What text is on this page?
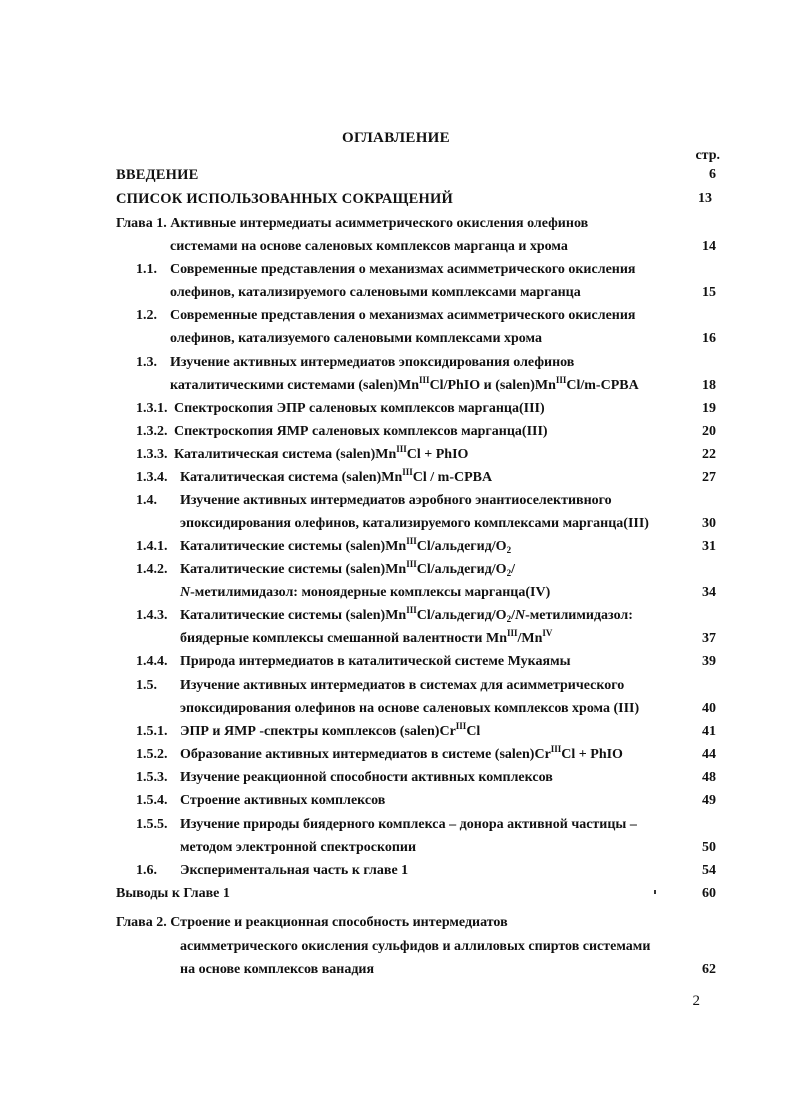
ОГЛАВЛЕНИЕ
стр.
ВВЕДЕНИЕ	6
СПИСОК ИСПОЛЬЗОВАННЫХ СОКРАЩЕНИЙ	13
Глава 1. Активные интермедиаты асимметрического окисления олефинов
системами на основе саленовых комплексов марганца и хрома	14
1.1. Современные представления о механизмах асимметрического окисления
олефинов, катализируемого саленовыми комплексами марганца	15
1.2. Современные представления о механизмах асимметрического окисления
олефинов, катализуемого саленовыми комплексами хрома	16
1.3. Изучение активных интермедиатов эпоксидирования олефинов
каталитическими системами $(salen)Mn^{III}Cl$/PhIO и $(salen)Mn^{III}Cl/m$-CPBA	18
1.3.1. Спектроскопия ЭПР саленовых комплексов марганца(III)	19
1.3.2. Спектроскопия ЯМР саленовых комплексов марганца(III)	20
1.3.3. Каталитическая система $(salen)Mn^{III}Cl$ + PhIO	22
1.3.4. Каталитическая система $(salen)Mn^{III}Cl$ / m-CPBA	27
1.4. Изучение активных интермедиатов аэробного энантиоселективного
эпоксидирования олефинов, катализируемого комплексами марганца(III)	30
1.4.1. Каталитические системы $(salen)Mn^{III}Cl/альдегид/O_2$	31
1.4.2. Каталитические системы $(salen)Mn^{III}Cl/альдегид/O_2/$
N-метилимидазол: моноядерные комплексы марганца(IV)	34
1.4.3. Каталитические системы $(salen)Mn^{III}Cl/альдегид/O_2/N$-метилимидазол:
биядерные комплексы смешанной валентности $Mn^{III}/Mn^{IV}$	37
1.4.4. Природа интермедиатов в каталитической системе Мукаямы	39
1.5. Изучение активных интермедиатов в системах для асимметрического
эпоксидирования олефинов на основе саленовых комплексов хрома (III)	40
1.5.1. ЭПР и ЯМР -спектры комплексов $(salen)Cr^{III}Cl$	41
1.5.2. Образование активных интермедиатов в системе $(salen)Cr^{III}Cl$ + PhIO	44
1.5.3. Изучение реакционной способности активных комплексов	48
1.5.4. Строение активных комплексов	49
1.5.5. Изучение природы биядерного комплекса – донора активной частицы –
методом электронной спектроскопии	50
1.6. Экспериментальная часть к главе 1	54
Выводы к Главе 1	60
Глава 2. Строение и реакционная способность интермедиатов
асимметрического окисления сульфидов и аллиловых спиртов системами
на основе комплексов ванадия	62
2
